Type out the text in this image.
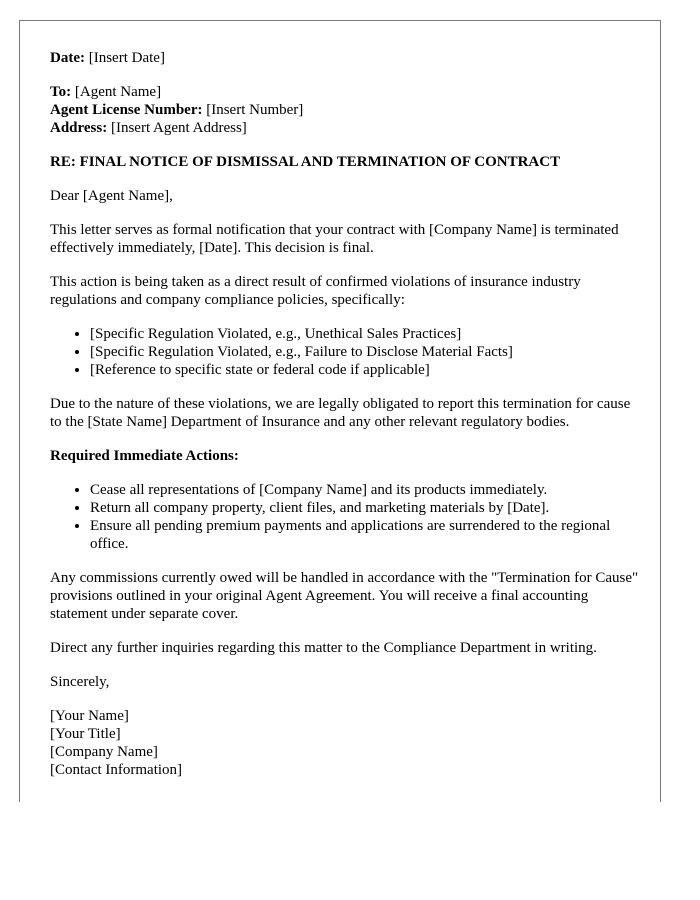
Date: [Insert Date]

To: [Agent Name]

Agent License Number: [Insert Number]

Address: [Insert Agent Address]

RE: FINAL NOTICE OF DISMISSAL AND TERMINATION OF CONTRACT

Dear [Agent Name],

This letter serves as formal notification that your contract with [Company Name] is terminated effectively immediately, [Date]. This decision is final.

This action is being taken as a direct result of confirmed violations of insurance industry regulations and company compliance policies, specifically:

• [Specific Regulation Violated, e.g., Unethical Sales Practices]
• [Specific Regulation Violated, e.g., Failure to Disclose Material Facts]
• [Reference to specific state or federal code if applicable]

Due to the nature of these violations, we are legally obligated to report this termination for cause to the [State Name] Department of Insurance and any other relevant regulatory bodies.

Required Immediate Actions:

• Cease all representations of [Company Name] and its products immediately.
• Return all company property, client files, and marketing materials by [Date].
• Ensure all pending premium payments and applications are surrendered to the regional office.

Any commissions currently owed will be handled in accordance with the "Termination for Cause" provisions outlined in your original Agent Agreement. You will receive a final accounting statement under separate cover.

Direct any further inquiries regarding this matter to the Compliance Department in writing.

Sincerely,

[Your Name]

[Your Title]

[Company Name]

[Contact Information]
